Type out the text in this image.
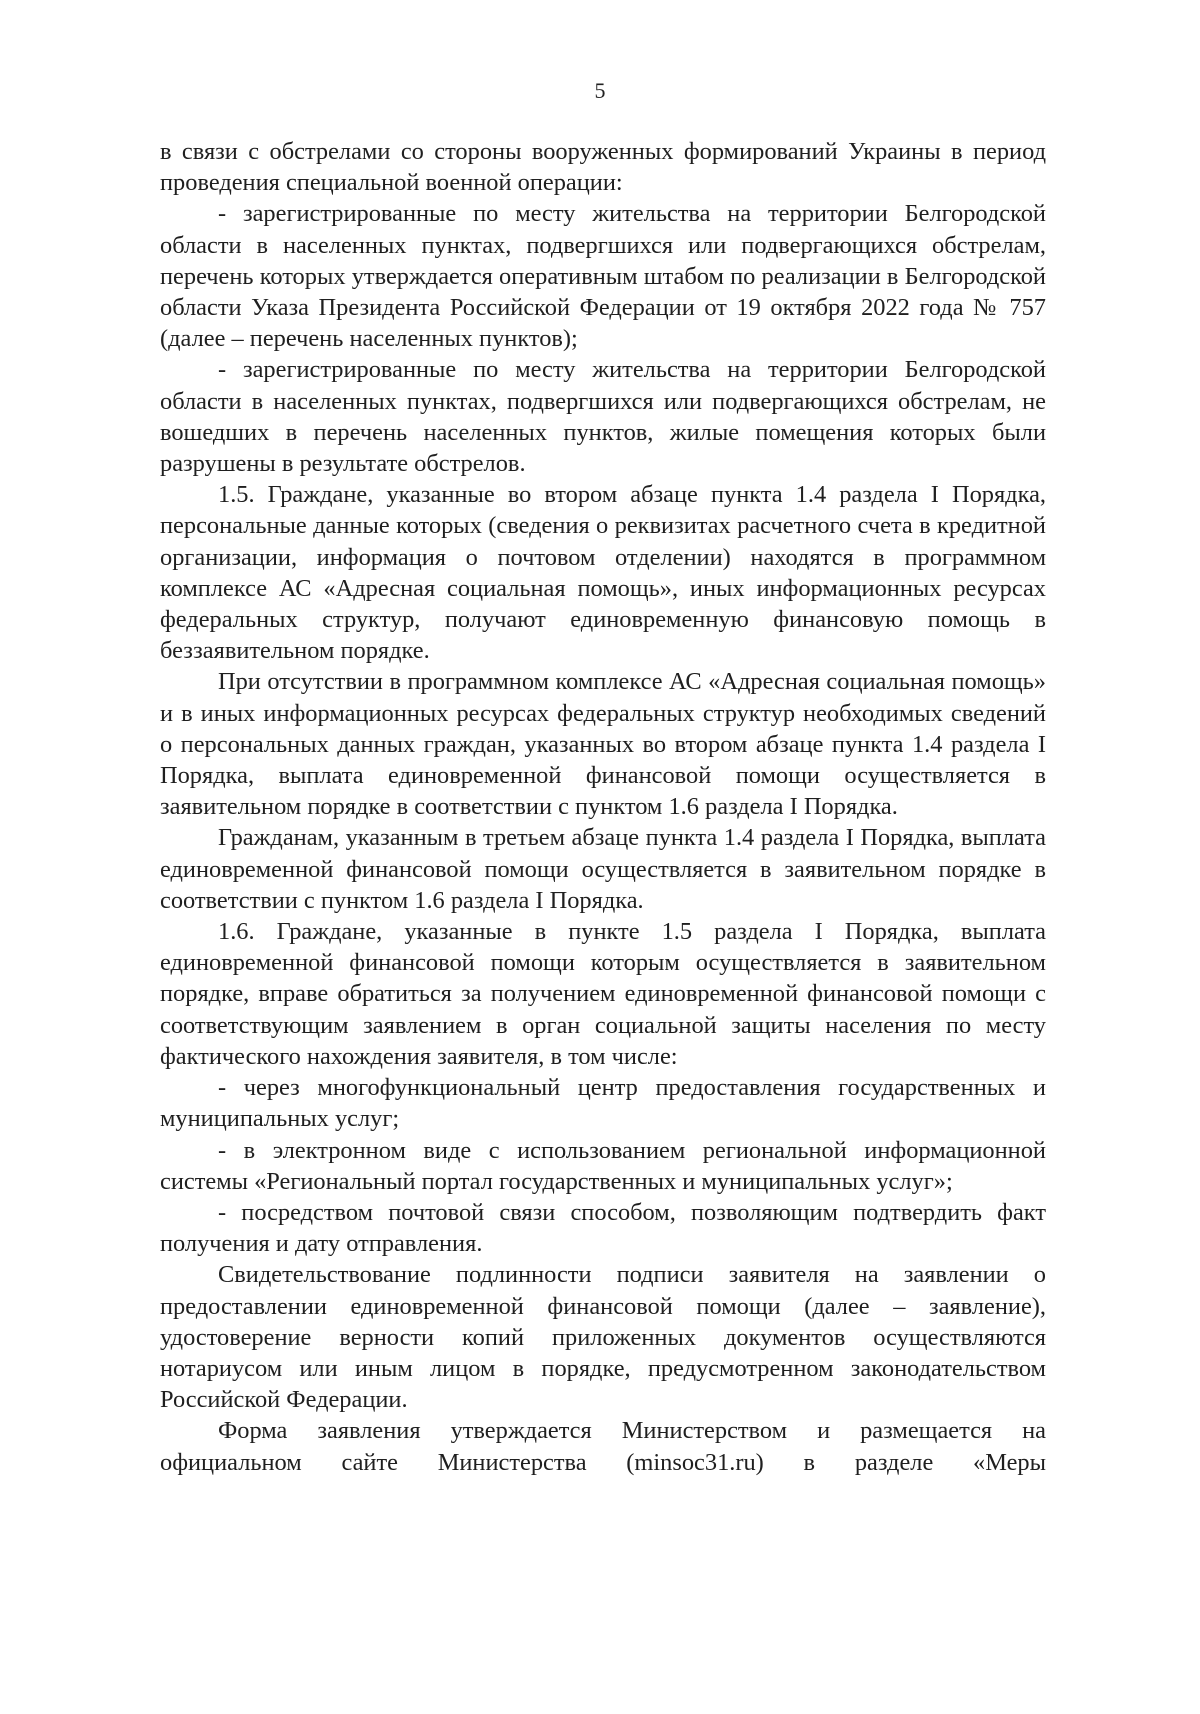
5

в связи с обстрелами со стороны вооруженных формирований Украины в период проведения специальной военной операции:

- зарегистрированные по месту жительства на территории Белгородской области в населенных пунктах, подвергшихся или подвергающихся обстрелам, перечень которых утверждается оперативным штабом по реализации в Белгородской области Указа Президента Российской Федерации от 19 октября 2022 года № 757 (далее – перечень населенных пунктов);

- зарегистрированные по месту жительства на территории Белгородской области в населенных пунктах, подвергшихся или подвергающихся обстрелам, не вошедших в перечень населенных пунктов, жилые помещения которых были разрушены в результате обстрелов.

1.5. Граждане, указанные во втором абзаце пункта 1.4 раздела I Порядка, персональные данные которых (сведения о реквизитах расчетного счета в кредитной организации, информация о почтовом отделении) находятся в программном комплексе АС «Адресная социальная помощь», иных информационных ресурсах федеральных структур, получают единовременную финансовую помощь в беззаявительном порядке.

При отсутствии в программном комплексе АС «Адресная социальная помощь» и в иных информационных ресурсах федеральных структур необходимых сведений о персональных данных граждан, указанных во втором абзаце пункта 1.4 раздела I Порядка, выплата единовременной финансовой помощи осуществляется в заявительном порядке в соответствии с пунктом 1.6 раздела I Порядка.

Гражданам, указанным в третьем абзаце пункта 1.4 раздела I Порядка, выплата единовременной финансовой помощи осуществляется в заявительном порядке в соответствии с пунктом 1.6 раздела I Порядка.

1.6. Граждане, указанные в пункте 1.5 раздела I Порядка, выплата единовременной финансовой помощи которым осуществляется в заявительном порядке, вправе обратиться за получением единовременной финансовой помощи с соответствующим заявлением в орган социальной защиты населения по месту фактического нахождения заявителя, в том числе:

- через многофункциональный центр предоставления государственных и муниципальных услуг;

- в электронном виде с использованием региональной информационной системы «Региональный портал государственных и муниципальных услуг»;

- посредством почтовой связи способом, позволяющим подтвердить факт получения и дату отправления.

Свидетельствование подлинности подписи заявителя на заявлении о предоставлении единовременной финансовой помощи (далее – заявление), удостоверение верности копий приложенных документов осуществляются нотариусом или иным лицом в порядке, предусмотренном законодательством Российской Федерации.

Форма заявления утверждается Министерством и размещается на официальном сайте Министерства (minsoc31.ru) в разделе «Меры
